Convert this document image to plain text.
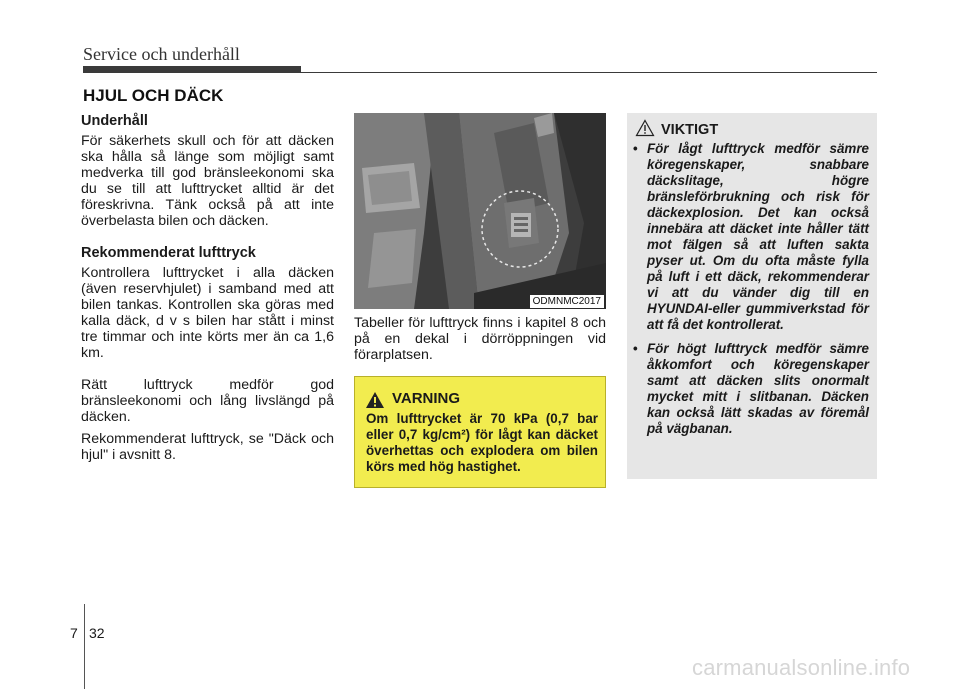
Service och underhåll
HJUL OCH DÄCK
Underhåll

För säkerhets skull och för att däcken ska hålla så länge som möjligt samt medverka till god bränsleekonomi ska du se till att lufttrycket alltid är det föreskrivna. Tänk också på att inte överbelasta bilen och däcken.

Rekommenderat lufttryck

Kontrollera lufttrycket i alla däcken (även reservhjulet) i samband med att bilen tankas. Kontrollen ska göras med kalla däck, d v s bilen har stått i minst tre timmar och inte körts mer än ca 1,6 km.

Rätt lufttryck medför god bränsleekonomi och lång livslängd på däcken.

Rekommenderat lufttryck, se "Däck och hjul" i avsnitt 8.

ODMNMC2017

Tabeller för lufttryck finns i kapitel 8 och på en dekal i dörröppningen vid förarplatsen.

VARNING
Om lufttrycket är 70 kPa (0,7 bar eller 0,7 kg/cm²) för lågt kan däcket överhettas och explodera om bilen körs med hög hastighet.
VIKTIGT
• För lågt lufttryck medför sämre köregenskaper, snabbare däckslitage, högre bränsleförbrukning och risk för däckexplosion. Det kan också innebära att däcket inte håller tätt mot fälgen så att luften sakta pyser ut. Om du ofta måste fylla på luft i ett däck, rekommenderar vi att du vänder dig till en HYUNDAI-eller gummiverkstad för att få det kontrollerat.
• För högt lufttryck medför sämre åkkomfort och köregenskaper samt att däcken slits onormalt mycket mitt i slitbanan. Däcken kan också lätt skadas av föremål på vägbanan.
7 32
carmanualsonline.info
